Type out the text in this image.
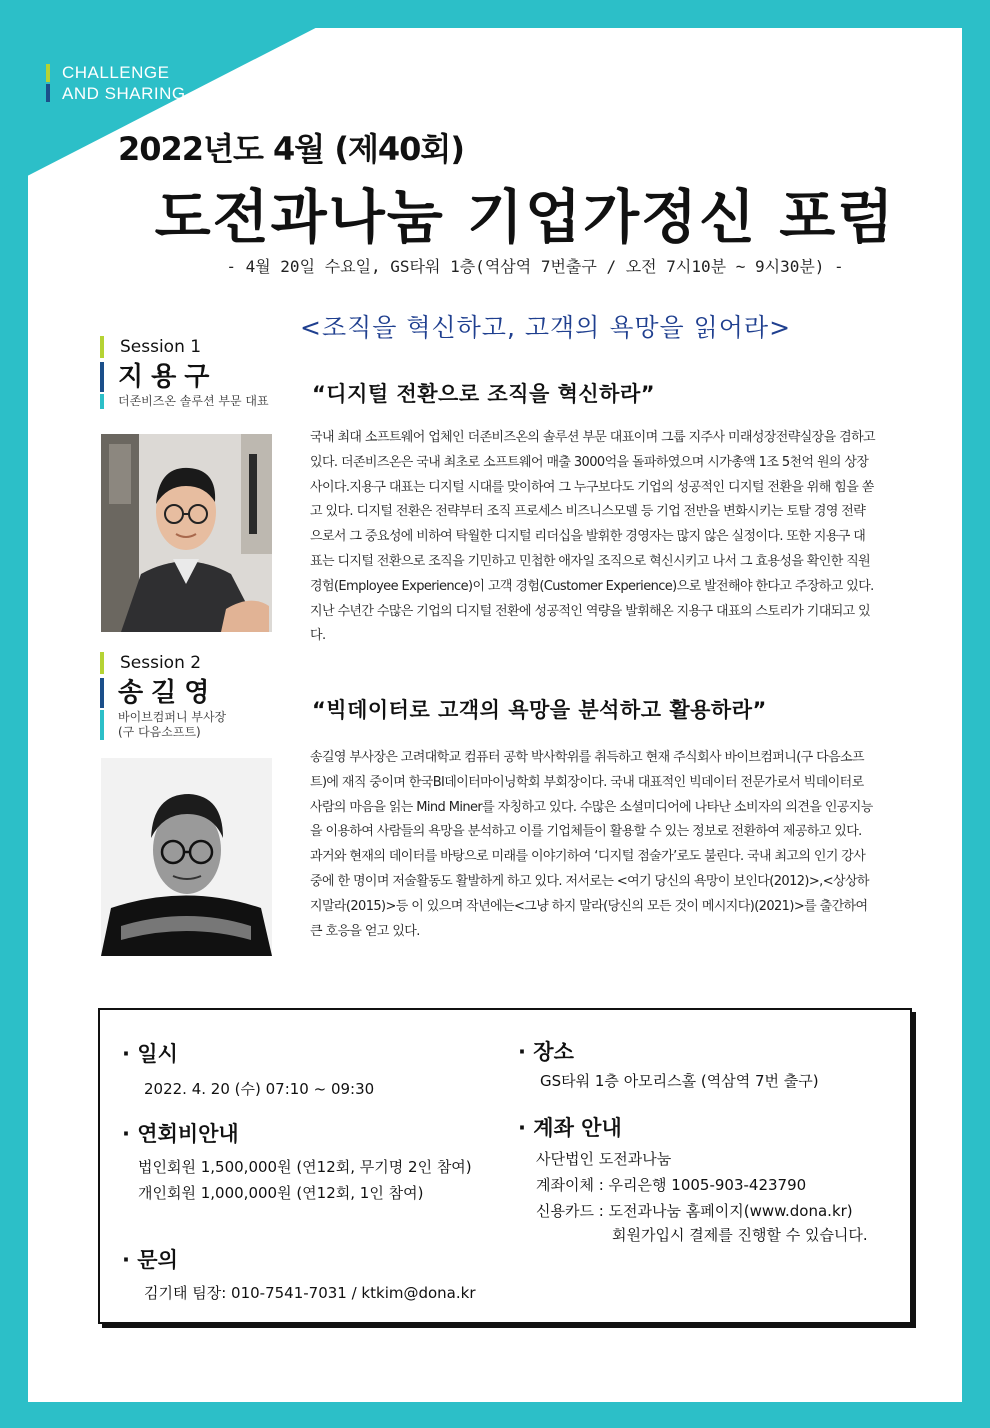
CHALLENGE
AND SHARING
2022년도 4월 (제40회)
도전과나눔 기업가정신 포럼
- 4월 20일 수요일, GS타워 1층(역삼역 7번출구 / 오전 7시10분 ~ 9시30분) -
<조직을 혁신하고, 고객의 욕망을 읽어라>
Session 1
지용구
더존비즈온 솔루션 부문 대표 “디지털 전환으로 조직을 혁신하라”
국내 최대 소프트웨어 업체인 더존비즈온의 솔루션 부문 대표이며 그룹 지주사 미래성장전략실장을 겸하고 있다. 더존비즈온은 국내 최초로 소프트웨어 매출 3000억을 돌파하였으며 시가총액 1조 5천억 원의 상장사이다.지용구 대표는 디지털 시대를 맞이하여 그 누구보다도 기업의 성공적인 디지털 전환을 위해 힘을 쏟고 있다. 디지털 전환은 전략부터 조직 프로세스 비즈니스모델 등 기업 전반을 변화시키는 토탈 경영 전략으로서 그 중요성에 비하여 탁월한 디지털 리더십을 발휘한 경영자는 많지 않은 실정이다. 또한 지용구 대표는 디지털 전환으로 조직을 기민하고 민첩한 애자일 조직으로 혁신시키고 나서 그 효용성을 확인한 직원 경험(Employee Experience)이 고객 경험(Customer Experience)으로 발전해야 한다고 주장하고 있다. 지난 수년간 수많은 기업의 디지털 전환에 성공적인 역량을 발휘해온 지용구 대표의 스토리가 기대되고 있다.
Session 2
송길영
바이브컴퍼니 부사장 (구 다음소프트)
“빅데이터로 고객의 욕망을 분석하고 활용하라”
송길영 부사장은 고려대학교 컴퓨터 공학 박사학위를 취득하고 현재 주식회사 바이브컴퍼니(구 다음소프트)에 재직 중이며 한국BI데이터마이닝학회 부회장이다. 국내 대표적인 빅데이터 전문가로서 빅데이터로 사람의 마음을 읽는 Mind Miner를 자칭하고 있다. 수많은 소셜미디어에 나타난 소비자의 의견을 인공지능을 이용하여 사람들의 욕망을 분석하고 이를 기업체들이 활용할 수 있는 정보로 전환하여 제공하고 있다. 과거와 현재의 데이터를 바탕으로 미래를 이야기하여 ‘디지털 점술가’로도 불린다. 국내 최고의 인기 강사 중에 한 명이며 저술활동도 활발하게 하고 있다. 저서로는 <여기 당신의 욕망이 보인다(2012)>,<상상하지말라(2015)>등 이 있으며 작년에는<그냥 하지 말라(당신의 모든 것이 메시지다)(2021)>를 출간하여 큰 호응을 얻고 있다.
· 일시
2022. 4. 20 (수) 07:10 ~ 09:30
· 연회비안내
법인회원 1,500,000원 (연12회, 무기명 2인 참여)
개인회원 1,000,000원 (연12회, 1인 참여)
· 문의
김기태 팀장: 010-7541-7031 / ktkim@dona.kr
· 장소
GS타워 1층 아모리스홀 (역삼역 7번 출구)
· 계좌 안내
사단법인 도전과나눔
계좌이체 : 우리은행 1005-903-423790
신용카드 : 도전과나눔 홈페이지(www.dona.kr)
회원가입시 결제를 진행할 수 있습니다.
